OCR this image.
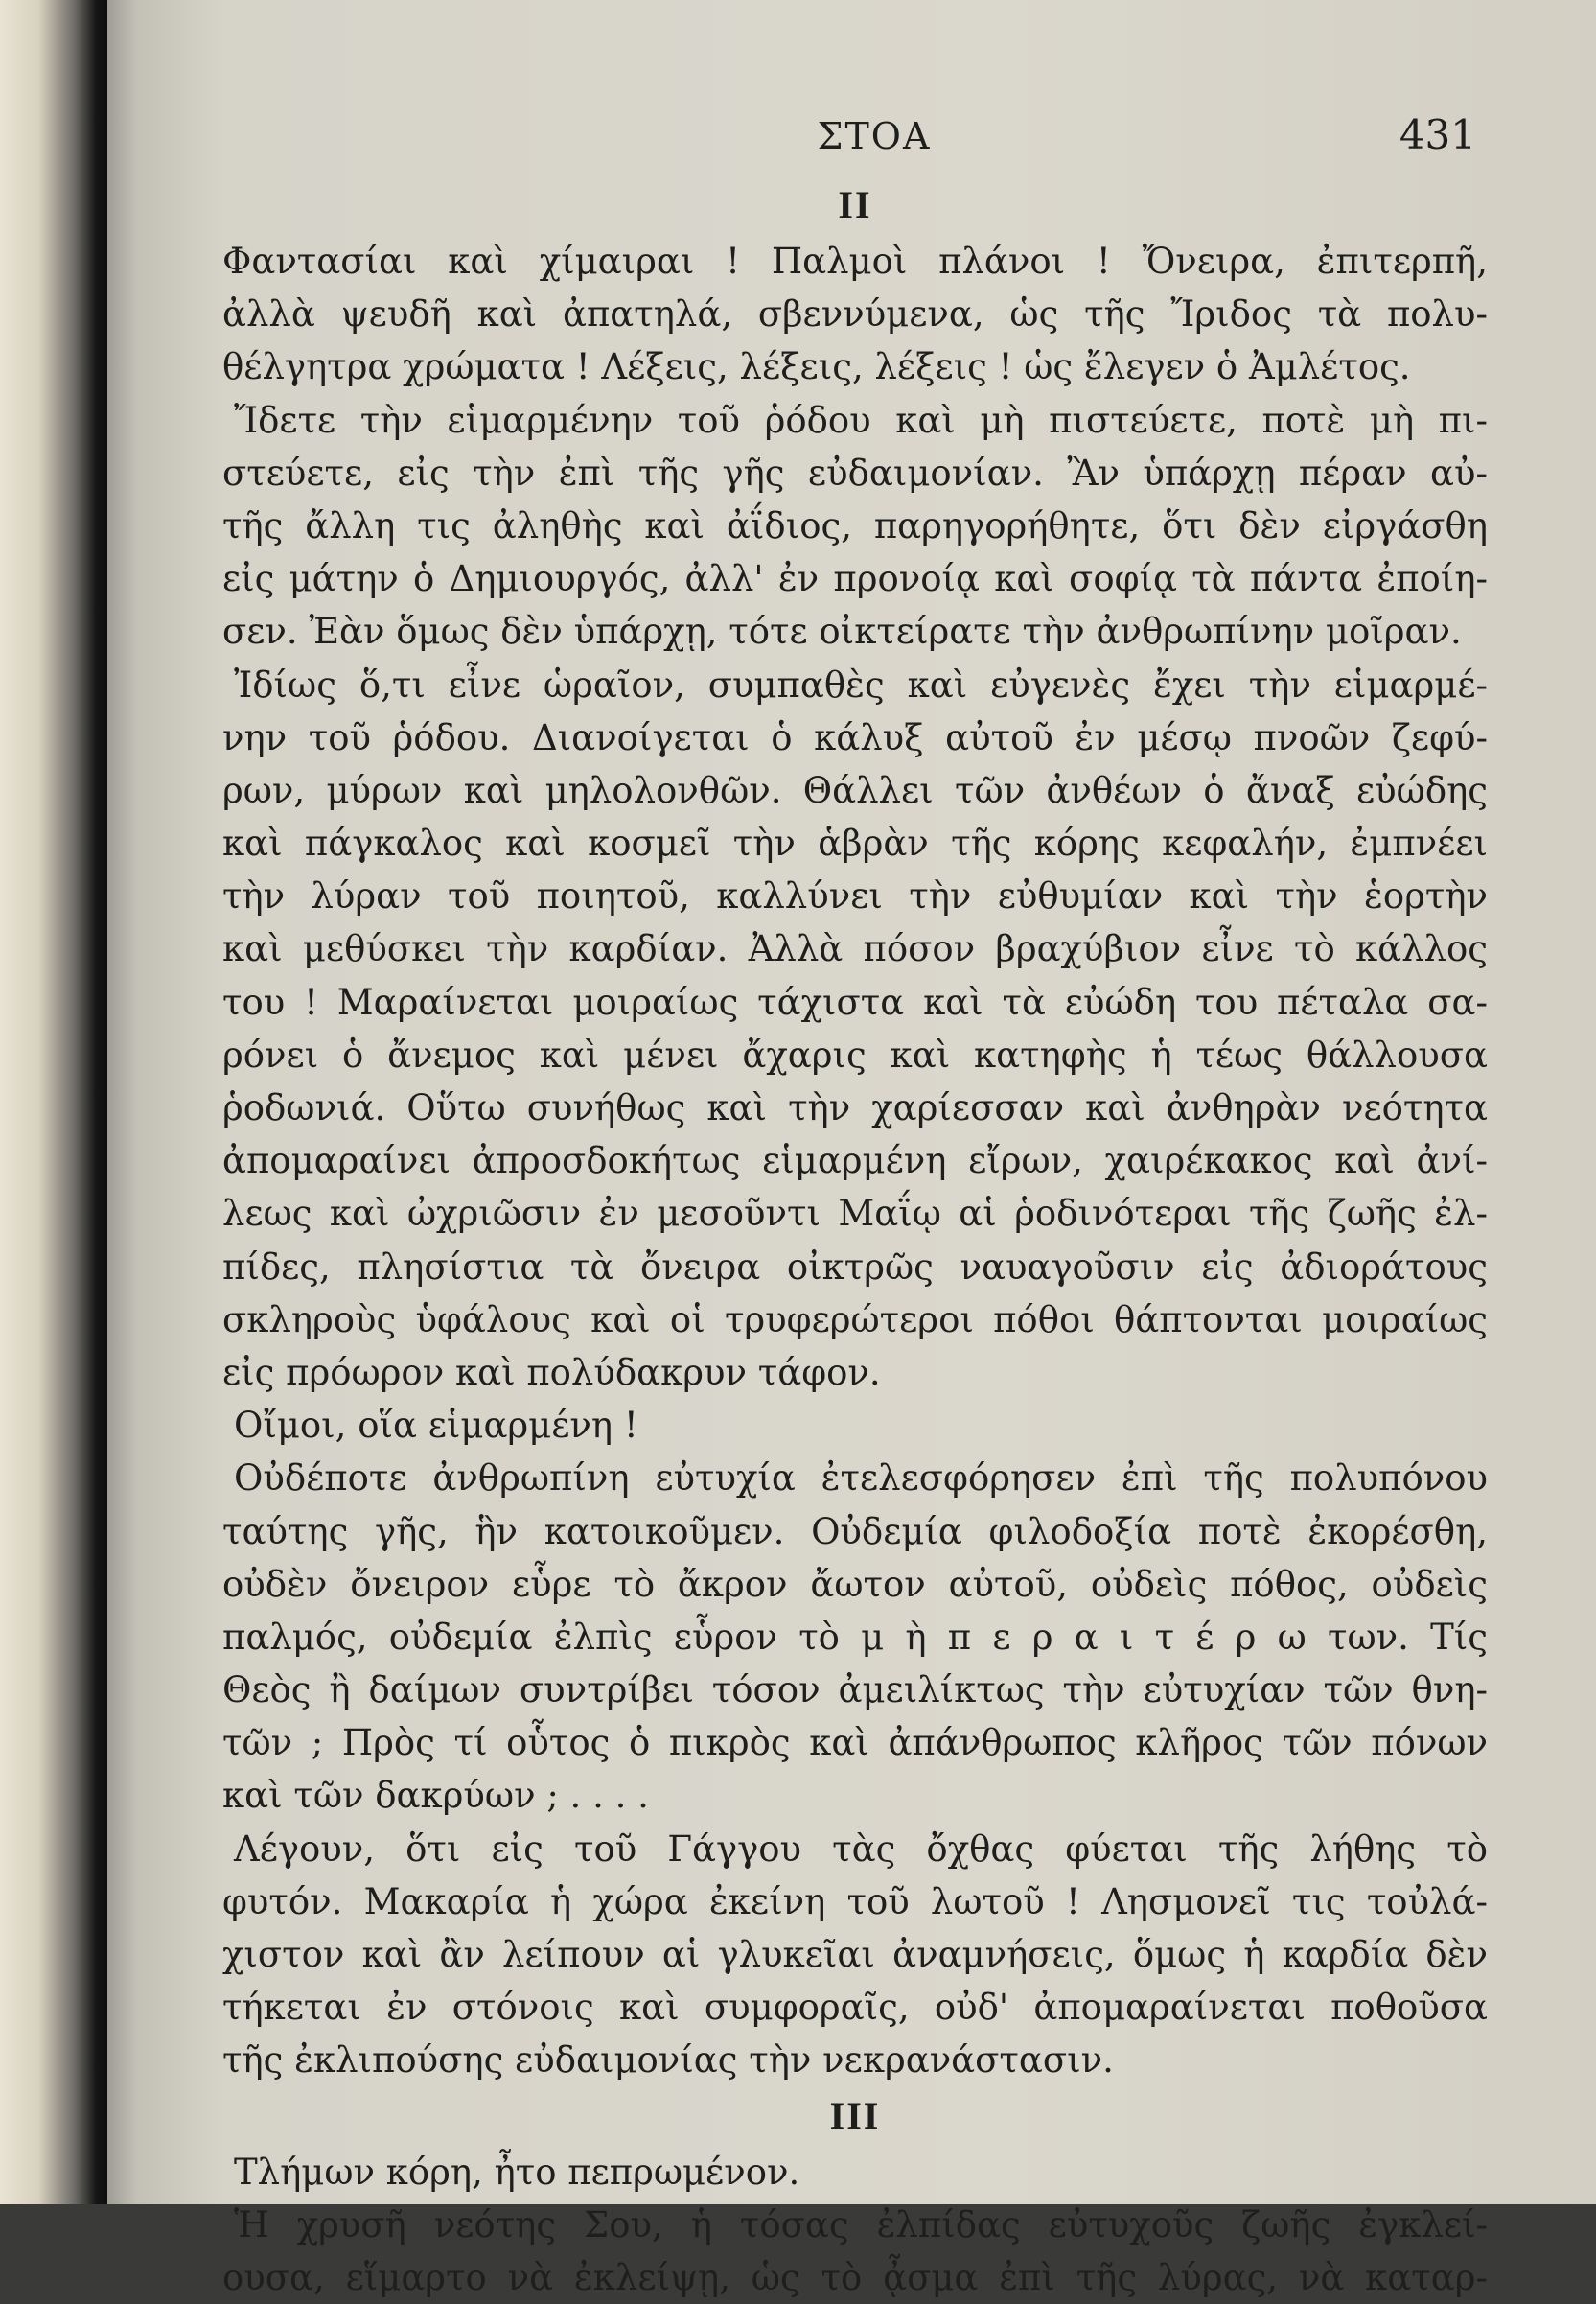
ΣΤΟΑ	431
II
Φαντασίαι καὶ χίμαιραι ! Παλμοὶ πλάνοι ! Ὄνειρα, ἐπιτερπῆ,
ἀλλὰ ψευδῆ καὶ ἀπατηλά, σβεννύμενα, ὡς τῆς Ἴριδος τὰ πολυ-
θέλγητρα χρώματα ! Λέξεις, λέξεις, λέξεις ! ὡς ἔλεγεν ὁ Ἀμλέτος.
Ἴδετε τὴν εἱμαρμένην τοῦ ῥόδου καὶ μὴ πιστεύετε, ποτὲ μὴ πι-
στεύετε, εἰς τὴν ἐπὶ τῆς γῆς εὐδαιμονίαν. Ἂν ὑπάρχῃ πέραν αὐ-
τῆς ἄλλη τις ἀληθὴς καὶ ἀΐδιος, παρηγορήθητε, ὅτι δὲν εἰργάσθη
εἰς μάτην ὁ Δημιουργός, ἀλλ' ἐν προνοίᾳ καὶ σοφίᾳ τὰ πάντα ἐποίη-
σεν. Ἐὰν ὅμως δὲν ὑπάρχῃ, τότε οἰκτείρατε τὴν ἀνθρωπίνην μοῖραν.
Ἰδίως ὅ,τι εἶνε ὡραῖον, συμπαθὲς καὶ εὐγενὲς ἔχει τὴν εἱμαρμέ-
νην τοῦ ῥόδου. Διανοίγεται ὁ κάλυξ αὐτοῦ ἐν μέσῳ πνοῶν ζεφύ-
ρων, μύρων καὶ μηλολονθῶν. Θάλλει τῶν ἀνθέων ὁ ἄναξ εὐώδης
καὶ πάγκαλος καὶ κοσμεῖ τὴν ἁβρὰν τῆς κόρης κεφαλήν, ἐμπνέει
τὴν λύραν τοῦ ποιητοῦ, καλλύνει τὴν εὐθυμίαν καὶ τὴν ἑορτὴν
καὶ μεθύσκει τὴν καρδίαν. Ἀλλὰ πόσον βραχύβιον εἶνε τὸ κάλλος
του ! Μαραίνεται μοιραίως τάχιστα καὶ τὰ εὐώδη του πέταλα σα-
ρόνει ὁ ἄνεμος καὶ μένει ἄχαρις καὶ κατηφὴς ἡ τέως θάλλουσα
ῥοδωνιά. Οὕτω συνήθως καὶ τὴν χαρίεσσαν καὶ ἀνθηρὰν νεότητα
ἀπομαραίνει ἀπροσδοκήτως εἱμαρμένη εἴρων, χαιρέκακος καὶ ἀνί-
λεως καὶ ὠχριῶσιν ἐν μεσοῦντι Μαΐῳ αἱ ῥοδινότεραι τῆς ζωῆς ἐλ-
πίδες, πλησίστια τὰ ὄνειρα οἰκτρῶς ναυαγοῦσιν εἰς ἀδιοράτους
σκληροὺς ὑφάλους καὶ οἱ τρυφερώτεροι πόθοι θάπτονται μοιραίως
εἰς πρόωρον καὶ πολύδακρυν τάφον.
Οἴμοι, οἵα εἱμαρμένη !
Οὐδέποτε ἀνθρωπίνη εὐτυχία ἐτελεσφόρησεν ἐπὶ τῆς πολυπόνου
ταύτης γῆς, ἣν κατοικοῦμεν. Οὐδεμία φιλοδοξία ποτὲ ἐκορέσθη,
οὐδὲν ὄνειρον εὗρε τὸ ἄκρον ἄωτον αὐτοῦ, οὐδεὶς πόθος, οὐδεὶς
παλμός, οὐδεμία ἐλπὶς εὗρον τὸ μ ὴ π ε ρ α ι τ έ ρ ω των. Τίς
Θεὸς ἢ δαίμων συντρίβει τόσον ἀμειλίκτως τὴν εὐτυχίαν τῶν θνη-
τῶν ; Πρὸς τί οὗτος ὁ πικρὸς καὶ ἀπάνθρωπος κλῆρος τῶν πόνων
καὶ τῶν δακρύων ; . . . .
Λέγουν, ὅτι εἰς τοῦ Γάγγου τὰς ὄχθας φύεται τῆς λήθης τὸ
φυτόν. Μακαρία ἡ χώρα ἐκείνη τοῦ λωτοῦ ! Λησμονεῖ τις τοὐλά-
χιστον καὶ ἂν λείπουν αἱ γλυκεῖαι ἀναμνήσεις, ὅμως ἡ καρδία δὲν
τήκεται ἐν στόνοις καὶ συμφοραῖς, οὐδ' ἀπομαραίνεται ποθοῦσα
τῆς ἐκλιπούσης εὐδαιμονίας τὴν νεκρανάστασιν.
III
Τλήμων κόρη, ἦτο πεπρωμένον.
Ἡ χρυσῆ νεότης Σου, ἡ τόσας ἐλπίδας εὐτυχοῦς ζωῆς ἐγκλεί-
ουσα, εἵμαρτο νὰ ἐκλείψῃ, ὡς τὸ ᾆσμα ἐπὶ τῆς λύρας, νὰ καταρ-
